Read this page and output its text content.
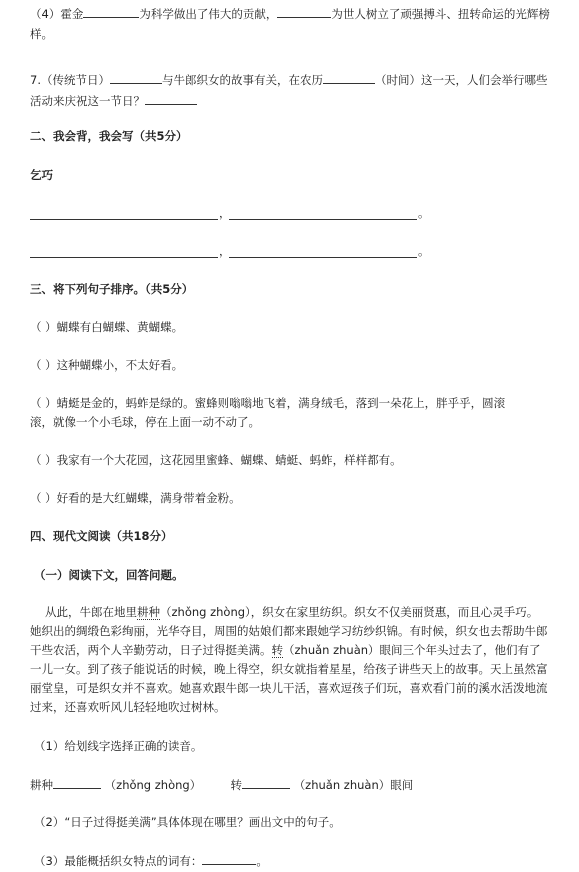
（4）霍金	为科学做出了伟大的贡献，	为世人树立了顽强搏斗、扭转命运的光辉榜
样。
7.（传统节日）	与牛郎织女的故事有关，在农历	（时间）这一天，人们会举行哪些
活动来庆祝这一节日？
二、我会背，我会写（共5分）
乞巧
，	。
，	。
三、将下列句子排序。（共5分）
（ ）蝴蝶有白蝴蝶、黄蝴蝶。
（ ）这种蝴蝶小，不太好看。
（ ）蜻蜓是金的，蚂蚱是绿的。蜜蜂则嗡嗡地飞着，满身绒毛，落到一朵花上，胖乎乎，圆滚
滚，就像一个小毛球，停在上面一动不动了。
（ ）我家有一个大花园，这花园里蜜蜂、蝴蝶、蜻蜓、蚂蚱，样样都有。
（ ）好看的是大红蝴蝶，满身带着金粉。
四、现代文阅读（共18分）
（一）阅读下文，回答问题。
从此，牛郎在地里耕种（zhǒng zhòng），织女在家里纺织。织女不仅美丽贤惠，而且心灵手巧。
她织出的绸缎色彩绚丽，光华夺目，周围的姑娘们都来跟她学习纺纱织锦。有时候，织女也去帮助牛郎
干些农活，两个人辛勤劳动，日子过得挺美满。转（zhuǎn zhuàn）眼间三个年头过去了，他们有了
一儿一女。到了孩子能说话的时候，晚上得空，织女就指着星星，给孩子讲些天上的故事。天上虽然富
丽堂皇，可是织女并不喜欢。她喜欢跟牛郎一块儿干活，喜欢逗孩子们玩，喜欢看门前的溪水活泼地流
过来，还喜欢听风儿轻轻地吹过树林。
（1）给划线字选择正确的读音。
耕种	（zhǒng zhòng）	转	（zhuǎn zhuàn）眼间
（2）“日子过得挺美满”具体体现在哪里？画出文中的句子。
（3）最能概括织女特点的词有：	。
